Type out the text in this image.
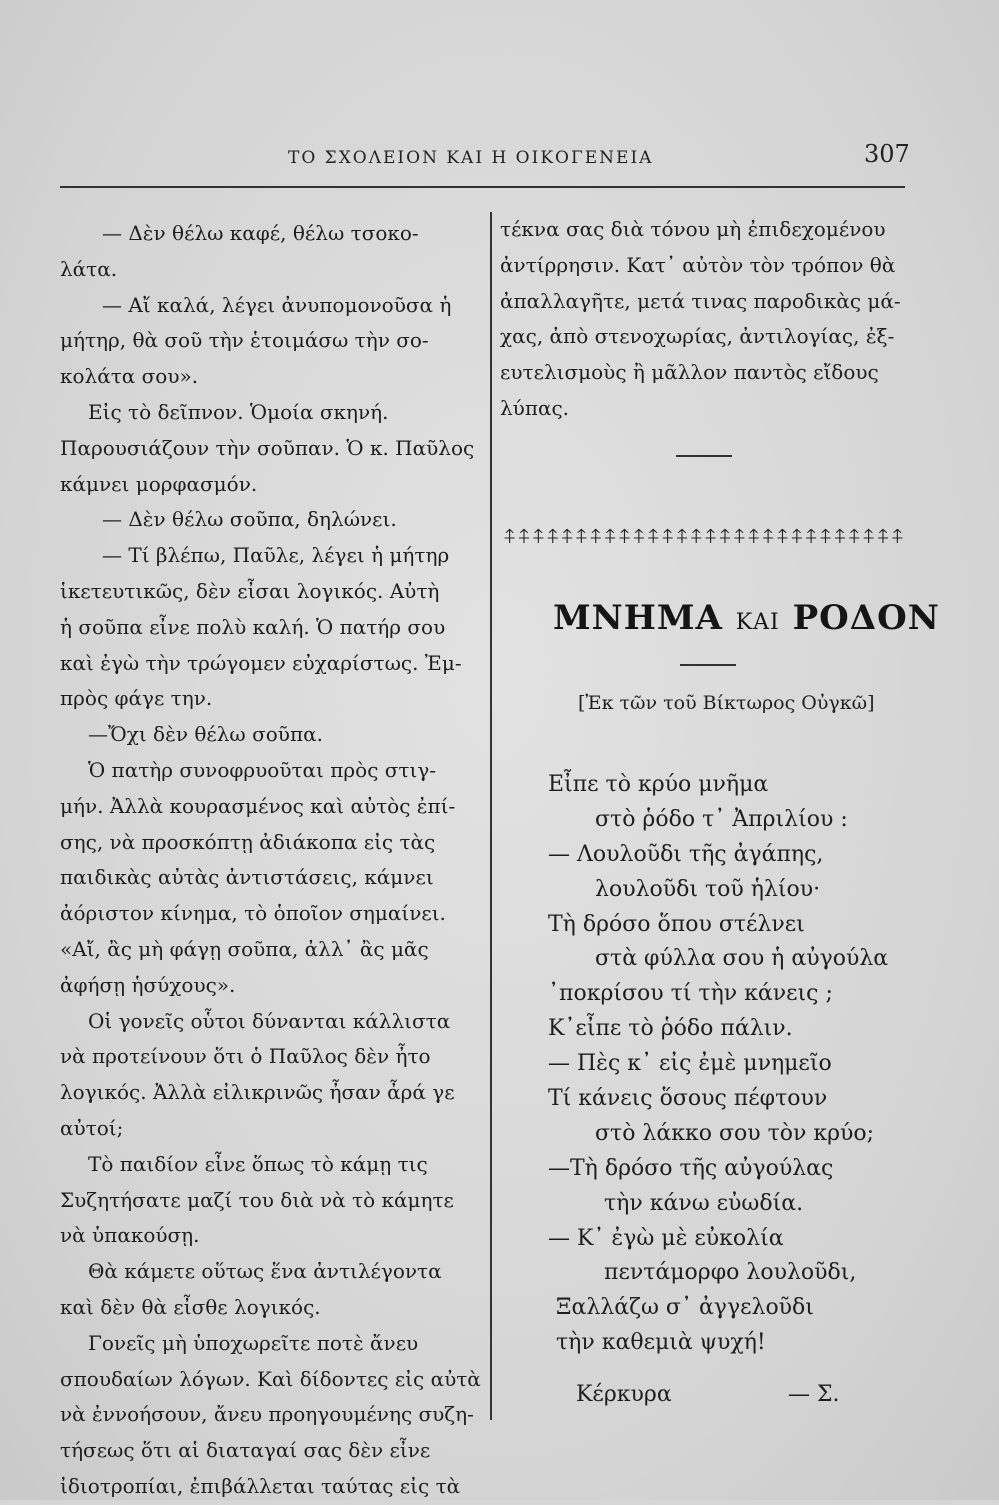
ΤΟ ΣΧΟΛΕΙΟΝ ΚΑΙ Η ΟΙΚΟΓΕΝΕΙΑ	307
— Δὲν θέλω καφέ, θέλω τσοκο-
λάτα.
— Αἴ καλά, λέγει ἀνυπομονοῦσα ἡ
μήτηρ, θὰ σοῦ τὴν ἑτοιμάσω τὴν σο-
κολάτα σου».
Εἰς τὸ δεῖπνον. Ὁμοία σκηνή.
Παρουσιάζουν τὴν σοῦπαν. Ὁ κ. Παῦλος
κάμνει μορφασμόν.
— Δὲν θέλω σοῦπα, δηλώνει.
— Τί βλέπω, Παῦλε, λέγει ἡ μήτηρ
ἱκετευτικῶς, δὲν εἶσαι λογικός. Αὐτὴ
ἡ σοῦπα εἶνε πολὺ καλή. Ὁ πατήρ σου
καὶ ἐγὼ τὴν τρώγομεν εὐχαρίστως. Ἐμ-
πρὸς φάγε την.
—Ὄχι δὲν θέλω σοῦπα.
Ὁ πατὴρ συνοφρυοῦται πρὸς στιγ-
μήν. Ἀλλὰ κουρασμένος καὶ αὐτὸς ἐπί-
σης, νὰ προσκόπτῃ ἀδιάκοπα εἰς τὰς
παιδικὰς αὐτὰς ἀντιστάσεις, κάμνει
ἀόριστον κίνημα, τὸ ὁποῖον σημαίνει.
«Αἴ, ἂς μὴ φάγῃ σοῦπα, ἀλλ᾽ ἂς μᾶς
ἀφήσῃ ἡσύχους».
Οἱ γονεῖς οὗτοι δύνανται κάλλιστα
νὰ προτείνουν ὅτι ὁ Παῦλος δὲν ἦτο
λογικός. Ἀλλὰ εἰλικρινῶς ἦσαν ἆρά γε
αὐτοί;
Τὸ παιδίον εἶνε ὅπως τὸ κάμῃ τις
Συζητήσατε μαζί του διὰ νὰ τὸ κάμητε
νὰ ὑπακούσῃ.
Θὰ κάμετε οὕτως ἕνα ἀντιλέγοντα
καὶ δὲν θὰ εἶσθε λογικός.
Γονεῖς μὴ ὑποχωρεῖτε ποτὲ ἄνευ
σπουδαίων λόγων. Καὶ δίδοντες εἰς αὐτὰ
νὰ ἐννοήσουν, ἄνευ προηγουμένης συζη-
τήσεως ὅτι αἱ διαταγαί σας δὲν εἶνε
ἰδιοτροπίαι, ἐπιβάλλεται ταύτας εἰς τὰ
τέκνα σας διὰ τόνου μὴ ἐπιδεχομένου
ἀντίρρησιν. Κατ᾽ αὐτὸν τὸν τρόπον θὰ
ἀπαλλαγῆτε, μετά τινας παροδικὰς μά-
χας, ἀπὸ στενοχωρίας, ἀντιλογίας, ἐξ-
ευτελισμοὺς ἢ μᾶλλον παντὸς εἴδους
λύπας.
⍏ ⍏ ⍏ ⍏ ⍏ ⍏ ⍏ ⍏ ⍏ ⍏ ⍏ ⍏ ⍏ ⍏ ⍏ ⍏ ⍏ ⍏ ⍏ ⍏ ⍏ ⍏ ⍏ ⍏ ⍏ ⍏ ⍏ ⍏
ΜΝΗΜΑ ΚΑΙ ΡΟΔΟΝ
[Ἐκ τῶν τοῦ Βίκτωρος Οὐγκῶ]
Εἶπε τὸ κρύο μνῆμα
στὸ ῥόδο τ᾽ Ἀπριλίου :
— Λουλοῦδι τῆς ἀγάπης,
λουλοῦδι τοῦ ἡλίου·
Τὴ δρόσο ὅπου στέλνει
στὰ φύλλα σου ἡ αὐγούλα
᾽ποκρίσου τί τὴν κάνεις ;
Κ᾽εἶπε τὸ ῥόδο πάλιν.
— Πὲς κ᾽ εἰς ἐμὲ μνημεῖο
Τί κάνεις ὅσους πέφτουν
στὸ λάκκο σου τὸν κρύο;
—Τὴ δρόσο τῆς αὐγούλας
τὴν κάνω εὐωδία.
— Κ᾽ ἐγὼ μὲ εὐκολία
πεντάμορφο λουλοῦδι,
Ξαλλάζω σ᾽ ἀγγελοῦδι
τὴν καθεμιὰ ψυχή!
Κέρκυρα	— Σ.
